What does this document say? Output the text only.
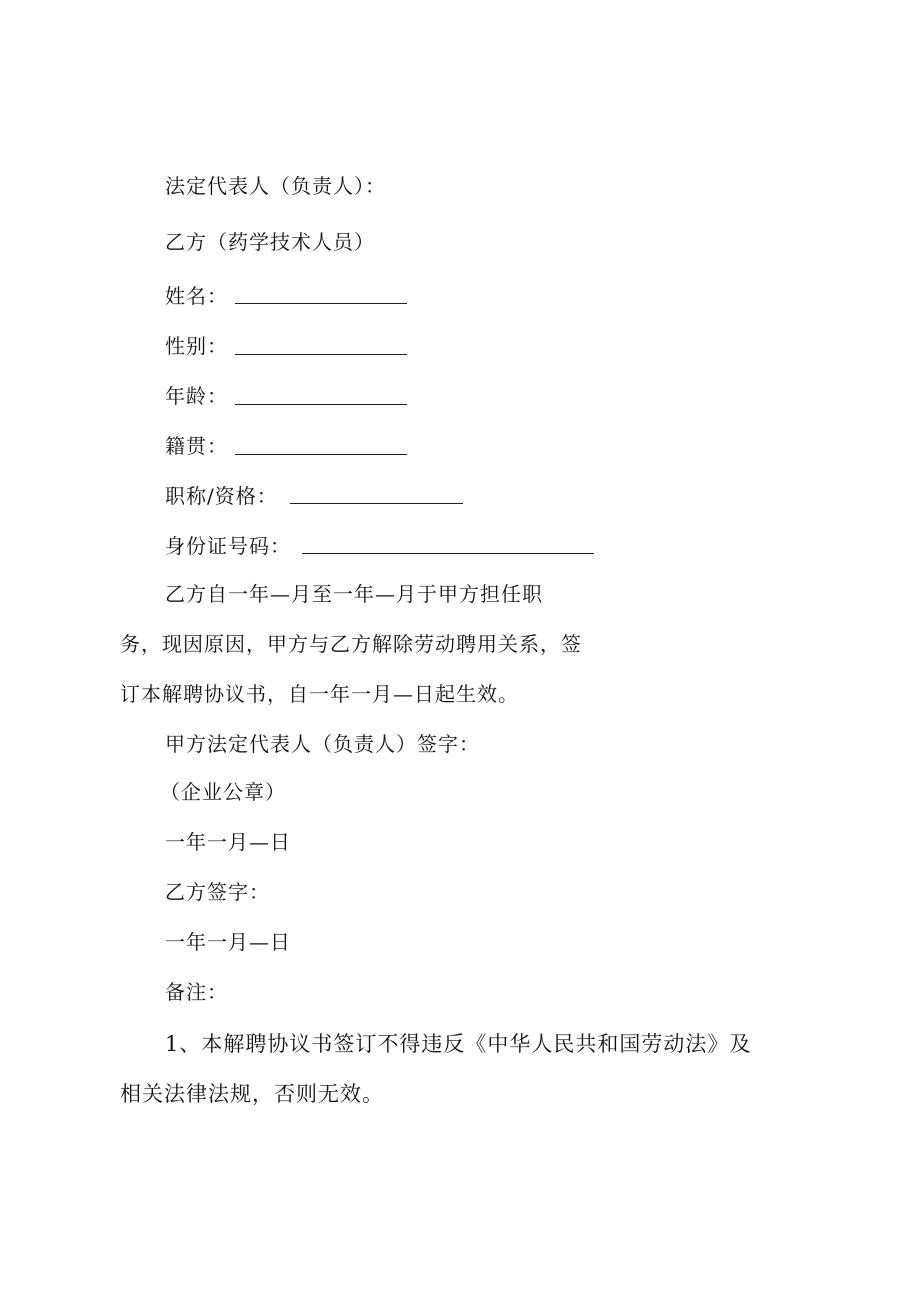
法定代表人（负责人）：
乙方（药学技术人员）
姓名：
性别：
年龄：
籍贯：
职称/资格：
身份证号码：
乙方自一年—月至一年—月于甲方担任职
务，现因原因，甲方与乙方解除劳动聘用关系，签
订本解聘协议书，自一年一月—日起生效。
甲方法定代表人（负责人）签字：
（企业公章）
一年一月—日
乙方签字：
一年一月—日
备注：
1、本解聘协议书签订不得违反《中华人民共和国劳动法》及
相关法律法规，否则无效。
